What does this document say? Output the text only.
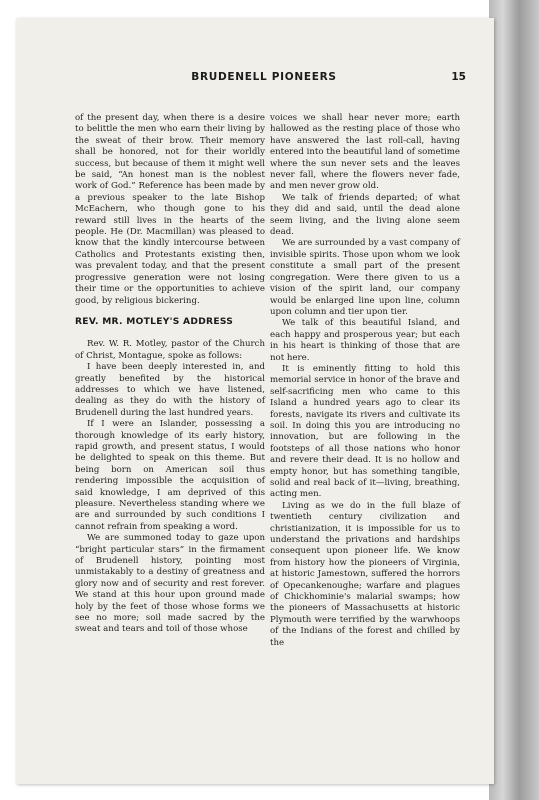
BRUDENELL PIONEERS	15

of the present day, when there is a desire to belittle the men who earn their living by the sweat of their brow. Their memory shall be honored, not for their worldly success, but because of them it might well be said, “An honest man is the noblest work of God.” Reference has been made by a previous speaker to the late Bishop McEachern, who though gone to his reward still lives in the hearts of the people. He (Dr. Macmillan) was pleased to know that the kindly intercourse between Catholics and Protestants existing then, was prevalent today, and that the present progressive generation were not losing their time or the opportunities to achieve good, by religious bickering.

REV. MR. MOTLEY'S ADDRESS

Rev. W. R. Motley, pastor of the Church of Christ, Montague, spoke as follows:

I have been deeply interested in, and greatly benefited by the historical addresses to which we have listened, dealing as they do with the history of Brudenell during the last hundred years.

If I were an Islander, possessing a thorough knowledge of its early history, rapid growth, and present status, I would be delighted to speak on this theme. But being born on American soil thus rendering impossible the acquisition of said knowledge, I am deprived of this pleasure. Nevertheless standing where we are and surrounded by such conditions I cannot refrain from speaking a word.

We are summoned today to gaze upon “bright particular stars” in the firmament of Brudenell history, pointing most unmistakably to a destiny of greatness and glory now and of security and rest forever. We stand at this hour upon ground made holy by the feet of those whose forms we see no more; soil made sacred by the sweat and tears and toil of those whose

voices we shall hear never more; earth hallowed as the resting place of those who have answered the last roll-call, having entered into the beautiful land of sometime where the sun never sets and the leaves never fall, where the flowers never fade, and men never grow old.

We talk of friends departed; of what they did and said, until the dead alone seem living, and the living alone seem dead.

We are surrounded by a vast company of invisible spirits. Those upon whom we look constitute a small part of the present congregation. Were there given to us a vision of the spirit land, our company would be enlarged line upon line, column upon column and tier upon tier.

We talk of this beautiful Island, and each happy and prosperous year; but each in his heart is thinking of those that are not here.

It is eminently fitting to hold this memorial service in honor of the brave and self-sacrificing men who came to this Island a hundred years ago to clear its forests, navigate its rivers and cultivate its soil. In doing this you are introducing no innovation, but are following in the footsteps of all those nations who honor and revere their dead. It is no hollow and empty honor, but has something tangible, solid and real back of it—living, breathing, acting men.

Living as we do in the full blaze of twentieth century civilization and christianization, it is impossible for us to understand the privations and hardships consequent upon pioneer life. We know from history how the pioneers of Virginia, at historic Jamestown, suffered the horrors of Opecankenoughe; warfare and plagues of Chickhominie's malarial swamps; how the pioneers of Massachusetts at historic Plymouth were terrified by the warwhoops of the Indians of the forest and chilled by the
